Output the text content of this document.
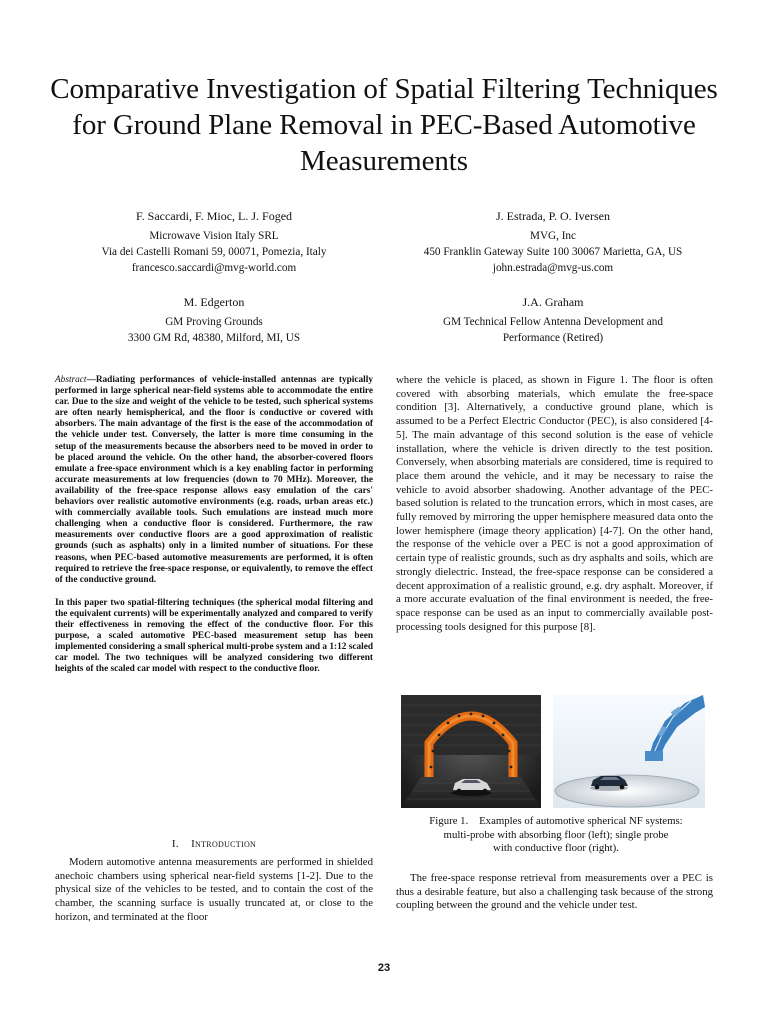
Comparative Investigation of Spatial Filtering Techniques for Ground Plane Removal in PEC-Based Automotive Measurements
F. Saccardi, F. Mioc, L. J. Foged
Microwave Vision Italy SRL
Via dei Castelli Romani 59, 00071, Pomezia, Italy
francesco.saccardi@mvg-world.com
J. Estrada, P. O. Iversen
MVG, Inc
450 Franklin Gateway Suite 100 30067 Marietta, GA, US
john.estrada@mvg-us.com
M. Edgerton
GM Proving Grounds
3300 GM Rd, 48380, Milford, MI, US
J.A. Graham
GM Technical Fellow Antenna Development and
Performance (Retired)

Abstract—Radiating performances of vehicle-installed antennas are typically performed in large spherical near-field systems able to accommodate the entire car. Due to the size and weight of the vehicle to be tested, such spherical systems are often nearly hemispherical, and the floor is conductive or covered with absorbers. The main advantage of the first is the ease of the accommodation of the vehicle under test. Conversely, the latter is more time consuming in the setup of the measurements because the absorbers need to be moved in order to be placed around the vehicle. On the other hand, the absorber-covered floors emulate a free-space environment which is a key enabling factor in performing accurate measurements at low frequencies (down to 70 MHz). Moreover, the availability of the free-space response allows easy emulation of the cars' behaviors over realistic automotive environments (e.g. roads, urban areas etc.) with commercially available tools. Such emulations are instead much more challenging when a conductive floor is considered. Furthermore, the raw measurements over conductive floors are a good approximation of realistic grounds (such as asphalts) only in a limited number of situations. For these reasons, when PEC-based automotive measurements are performed, it is often required to retrieve the free-space response, or equivalently, to remove the effect of the conductive ground.

In this paper two spatial-filtering techniques (the spherical modal filtering and the equivalent currents) will be experimentally analyzed and compared to verify their effectiveness in removing the effect of the conductive floor. For this purpose, a scaled automotive PEC-based measurement setup has been implemented considering a small spherical multi-probe system and a 1:12 scaled car model. The two techniques will be analyzed considering two different heights of the scaled car model with respect to the conductive floor.

I. Introduction

Modern automotive antenna measurements are performed in shielded anechoic chambers using spherical near-field systems [1-2]. Due to the physical size of the vehicles to be tested, and to contain the cost of the chamber, the scanning surface is usually truncated at, or close to the horizon, and terminated at the floor

where the vehicle is placed, as shown in Figure 1. The floor is often covered with absorbing materials, which emulate the free-space condition [3]. Alternatively, a conductive ground plane, which is assumed to be a Perfect Electric Conductor (PEC), is also considered [4-5]. The main advantage of this second solution is the ease of vehicle installation, where the vehicle is driven directly to the test position. Conversely, when absorbing materials are considered, time is required to place them around the vehicle, and it may be necessary to raise the vehicle to avoid absorber shadowing. Another advantage of the PEC-based solution is related to the truncation errors, which in most cases, are fully removed by mirroring the upper hemisphere measured data onto the lower hemisphere (image theory application) [4-7]. On the other hand, the response of the vehicle over a PEC is not a good approximation of certain type of realistic grounds, such as dry asphalts and soils, which are strongly dielectric. Instead, the free-space response can be considered a decent approximation of a realistic ground, e.g. dry asphalt. Moreover, if a more accurate evaluation of the final environment is needed, the free-space response can be used as an input to commercially available post-processing tools designed for this purpose [8].

Figure 1.    Examples of automotive spherical NF systems:
multi-probe with absorbing floor (left); single probe
with conductive floor (right).

The free-space response retrieval from measurements over a PEC is thus a desirable feature, but also a challenging task because of the strong coupling between the ground and the vehicle under test.

23
